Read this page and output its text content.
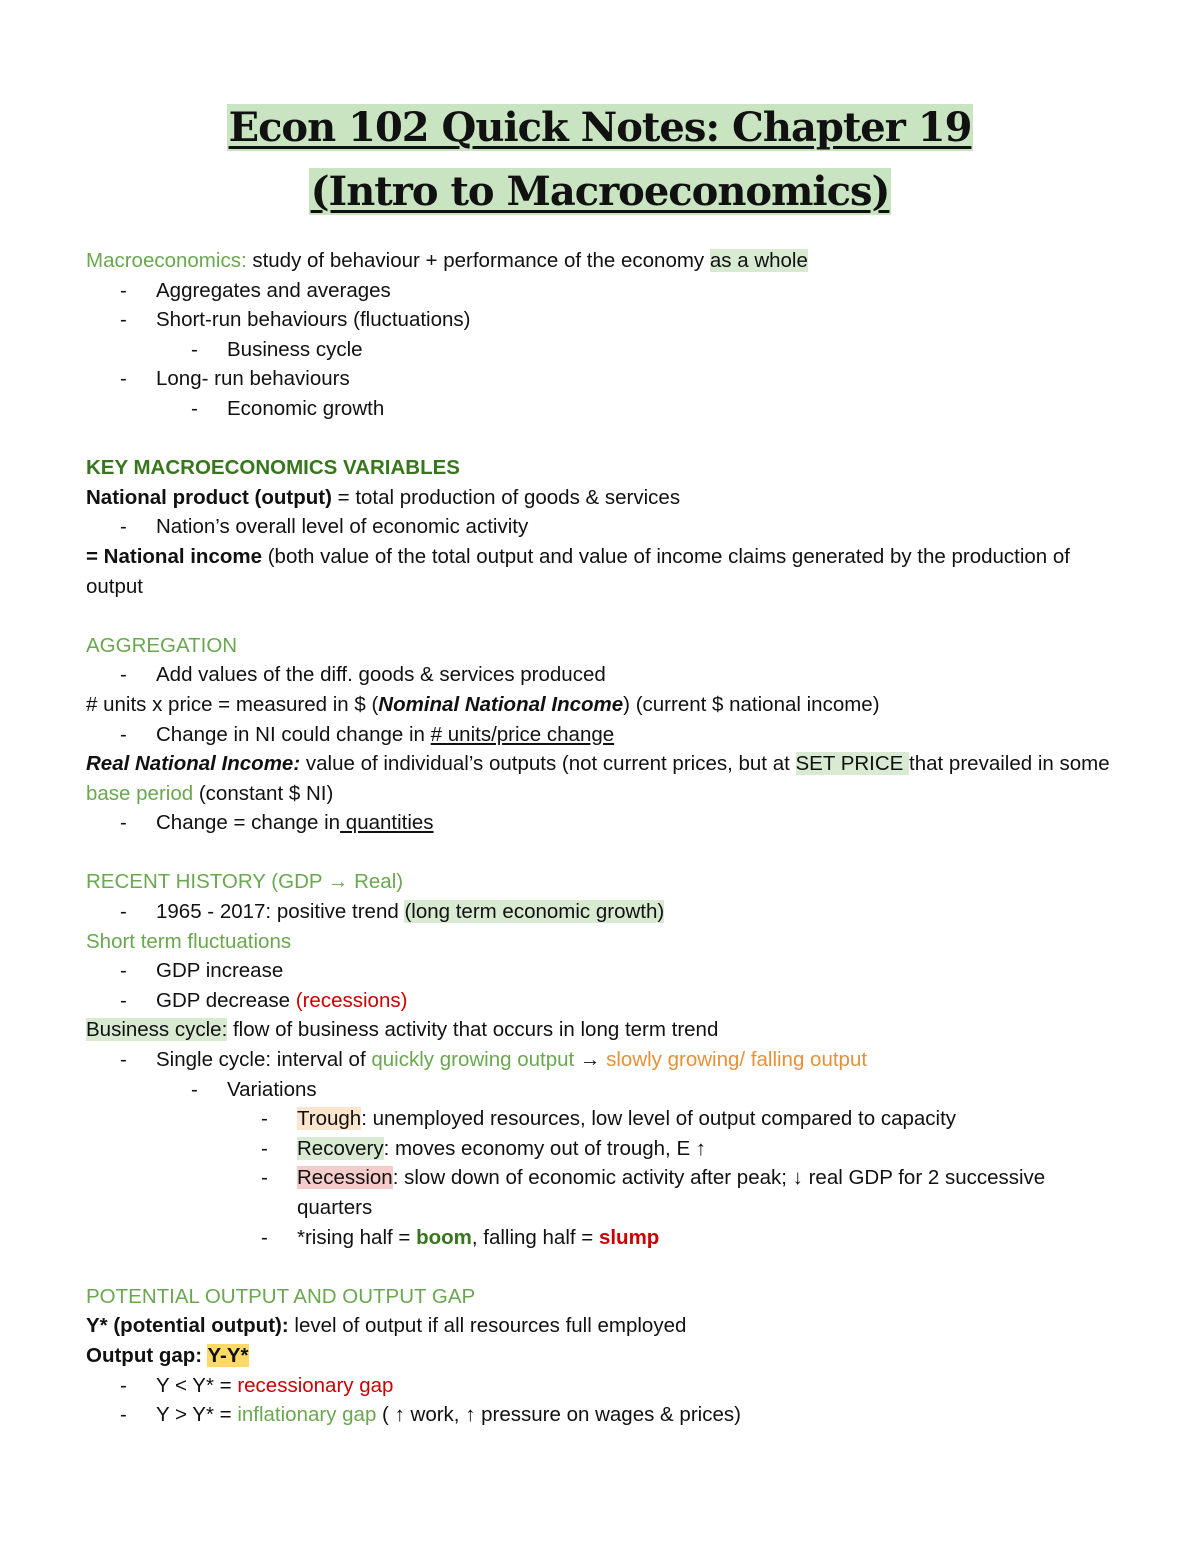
Econ 102 Quick Notes: Chapter 19
(Intro to Macroeconomics)
Macroeconomics: study of behaviour + performance of the economy as a whole
- Aggregates and averages
- Short-run behaviours (fluctuations)
- Business cycle
- Long- run behaviours
- Economic growth
KEY MACROECONOMICS VARIABLES
National product (output) = total production of goods & services
- Nation’s overall level of economic activity
= National income (both value of the total output and value of income claims generated by the production of output
AGGREGATION
- Add values of the diff. goods & services produced
# units x price = measured in $ (Nominal National Income) (current $ national income)
- Change in NI could change in # units/price change
Real National Income: value of individual’s outputs (not current prices, but at SET PRICE that prevailed in some base period (constant $ NI)
- Change = change in quantities
RECENT HISTORY (GDP → Real)
- 1965 - 2017: positive trend (long term economic growth)
Short term fluctuations
- GDP increase
- GDP decrease (recessions)
Business cycle: flow of business activity that occurs in long term trend
- Single cycle: interval of quickly growing output → slowly growing/ falling output
- Variations
- Trough: unemployed resources, low level of output compared to capacity
- Recovery: moves economy out of trough, E ↑
- Recession: slow down of economic activity after peak; ↓ real GDP for 2 successive quarters
- *rising half = boom, falling half = slump
POTENTIAL OUTPUT AND OUTPUT GAP
Y* (potential output): level of output if all resources full employed
Output gap: Y-Y*
- Y < Y* = recessionary gap
- Y > Y* = inflationary gap ( ↑ work, ↑ pressure on wages & prices)
